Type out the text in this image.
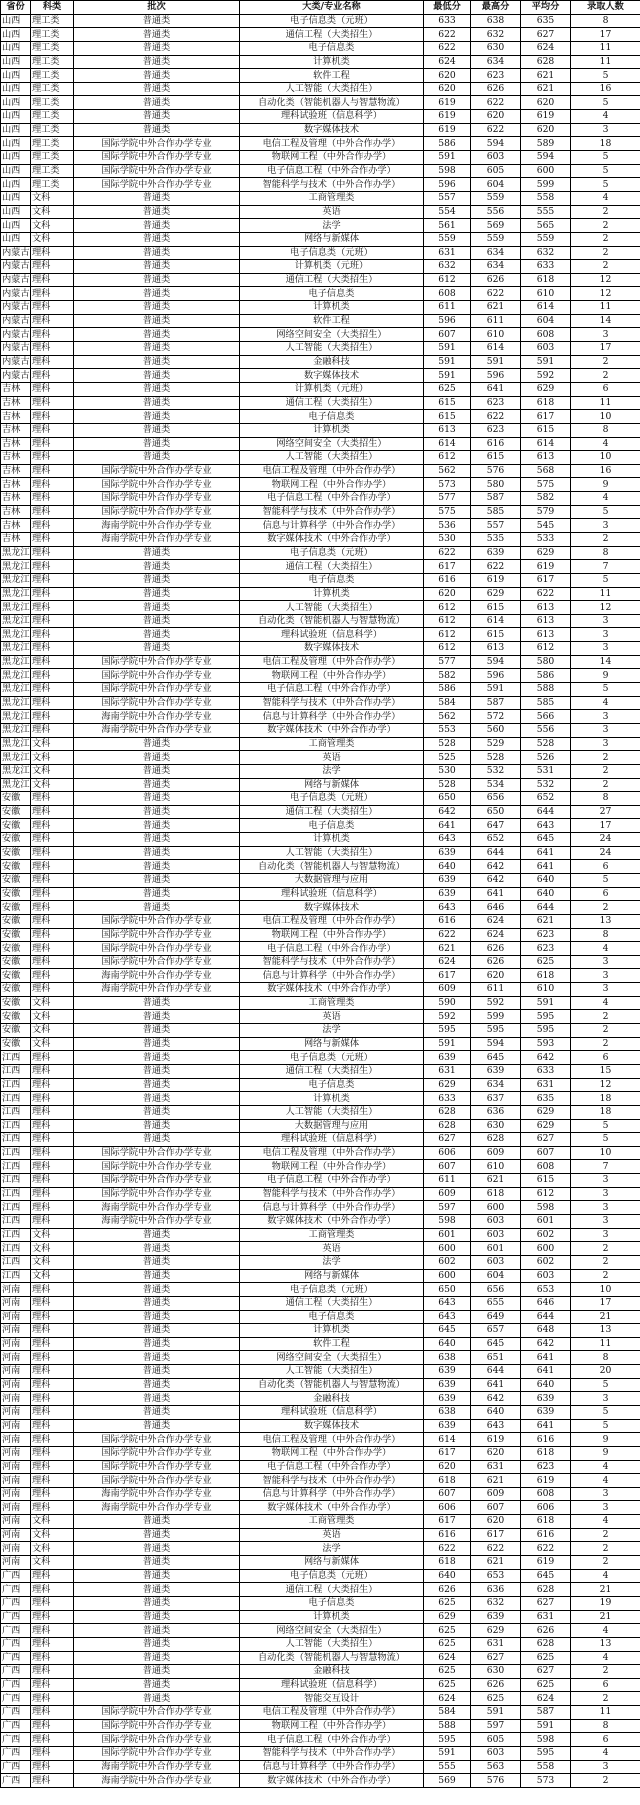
省份	科类	批次	大类/专业名称	最低分	最高分	平均分	录取人数
山西	理工类	普通类	电子信息类（元班）	633	638	635	8
山西	理工类	普通类	通信工程（大类招生）	622	632	627	17
山西	理工类	普通类	电子信息类	622	630	624	11
山西	理工类	普通类	计算机类	624	634	628	11
山西	理工类	普通类	软件工程	620	623	621	5
山西	理工类	普通类	人工智能（大类招生）	620	626	621	16
山西	理工类	普通类	自动化类（智能机器人与智慧物流）	619	622	620	5
山西	理工类	普通类	理科试验班（信息科学）	619	620	619	4
山西	理工类	普通类	数字媒体技术	619	622	620	3
山西	理工类	国际学院中外合作办学专业	电信工程及管理（中外合作办学）	586	594	589	18
山西	理工类	国际学院中外合作办学专业	物联网工程（中外合作办学）	591	603	594	5
山西	理工类	国际学院中外合作办学专业	电子信息工程（中外合作办学）	598	605	600	5
山西	理工类	国际学院中外合作办学专业	智能科学与技术（中外合作办学）	596	604	599	5
山西	文科	普通类	工商管理类	557	559	558	4
山西	文科	普通类	英语	554	556	555	2
山西	文科	普通类	法学	561	569	565	2
山西	文科	普通类	网络与新媒体	559	559	559	2
内蒙古	理科	普通类	电子信息类（元班）	631	634	632	2
内蒙古	理科	普通类	计算机类（元班）	632	634	633	2
内蒙古	理科	普通类	通信工程（大类招生）	612	626	618	12
内蒙古	理科	普通类	电子信息类	608	622	610	12
内蒙古	理科	普通类	计算机类	611	621	614	11
内蒙古	理科	普通类	软件工程	596	611	604	14
内蒙古	理科	普通类	网络空间安全（大类招生）	607	610	608	3
内蒙古	理科	普通类	人工智能（大类招生）	591	614	603	17
内蒙古	理科	普通类	金融科技	591	591	591	2
内蒙古	理科	普通类	数字媒体技术	591	596	592	2
吉林	理科	普通类	计算机类（元班）	625	641	629	6
吉林	理科	普通类	通信工程（大类招生）	615	623	618	11
吉林	理科	普通类	电子信息类	615	622	617	10
吉林	理科	普通类	计算机类	613	623	615	8
吉林	理科	普通类	网络空间安全（大类招生）	614	616	614	4
吉林	理科	普通类	人工智能（大类招生）	612	615	613	10
吉林	理科	国际学院中外合作办学专业	电信工程及管理（中外合作办学）	562	576	568	16
吉林	理科	国际学院中外合作办学专业	物联网工程（中外合作办学）	573	580	575	9
吉林	理科	国际学院中外合作办学专业	电子信息工程（中外合作办学）	577	587	582	4
吉林	理科	国际学院中外合作办学专业	智能科学与技术（中外合作办学）	575	585	579	5
吉林	理科	海南学院中外合作办学专业	信息与计算科学（中外合作办学）	536	557	545	3
吉林	理科	海南学院中外合作办学专业	数字媒体技术（中外合作办学）	530	535	533	2
黑龙江	理科	普通类	电子信息类（元班）	622	639	629	8
黑龙江	理科	普通类	通信工程（大类招生）	617	622	619	7
黑龙江	理科	普通类	电子信息类	616	619	617	5
黑龙江	理科	普通类	计算机类	620	629	622	11
黑龙江	理科	普通类	人工智能（大类招生）	612	615	613	12
黑龙江	理科	普通类	自动化类（智能机器人与智慧物流）	612	614	613	3
黑龙江	理科	普通类	理科试验班（信息科学）	612	615	613	3
黑龙江	理科	普通类	数字媒体技术	612	613	612	3
黑龙江	理科	国际学院中外合作办学专业	电信工程及管理（中外合作办学）	577	594	580	14
黑龙江	理科	国际学院中外合作办学专业	物联网工程（中外合作办学）	582	596	586	9
黑龙江	理科	国际学院中外合作办学专业	电子信息工程（中外合作办学）	586	591	588	5
黑龙江	理科	国际学院中外合作办学专业	智能科学与技术（中外合作办学）	584	587	585	4
黑龙江	理科	海南学院中外合作办学专业	信息与计算科学（中外合作办学）	562	572	566	3
黑龙江	理科	海南学院中外合作办学专业	数字媒体技术（中外合作办学）	553	560	556	3
黑龙江	文科	普通类	工商管理类	528	529	528	3
黑龙江	文科	普通类	英语	525	528	526	2
黑龙江	文科	普通类	法学	530	532	531	2
黑龙江	文科	普通类	网络与新媒体	528	534	532	2
安徽	理科	普通类	电子信息类（元班）	650	656	652	8
安徽	理科	普通类	通信工程（大类招生）	642	650	644	27
安徽	理科	普通类	电子信息类	641	647	643	17
安徽	理科	普通类	计算机类	643	652	645	24
安徽	理科	普通类	人工智能（大类招生）	639	644	641	24
安徽	理科	普通类	自动化类（智能机器人与智慧物流）	640	642	641	6
安徽	理科	普通类	大数据管理与应用	639	642	640	5
安徽	理科	普通类	理科试验班（信息科学）	639	641	640	6
安徽	理科	普通类	数字媒体技术	643	646	644	2
安徽	理科	国际学院中外合作办学专业	电信工程及管理（中外合作办学）	616	624	621	13
安徽	理科	国际学院中外合作办学专业	物联网工程（中外合作办学）	622	624	623	8
安徽	理科	国际学院中外合作办学专业	电子信息工程（中外合作办学）	621	626	623	4
安徽	理科	国际学院中外合作办学专业	智能科学与技术（中外合作办学）	624	626	625	3
安徽	理科	海南学院中外合作办学专业	信息与计算科学（中外合作办学）	617	620	618	3
安徽	理科	海南学院中外合作办学专业	数字媒体技术（中外合作办学）	609	611	610	3
安徽	文科	普通类	工商管理类	590	592	591	4
安徽	文科	普通类	英语	592	599	595	2
安徽	文科	普通类	法学	595	595	595	2
安徽	文科	普通类	网络与新媒体	591	594	593	2
江西	理科	普通类	电子信息类（元班）	639	645	642	6
江西	理科	普通类	通信工程（大类招生）	631	639	633	15
江西	理科	普通类	电子信息类	629	634	631	12
江西	理科	普通类	计算机类	633	637	635	18
江西	理科	普通类	人工智能（大类招生）	628	636	629	18
江西	理科	普通类	大数据管理与应用	628	630	629	5
江西	理科	普通类	理科试验班（信息科学）	627	628	627	5
江西	理科	国际学院中外合作办学专业	电信工程及管理（中外合作办学）	606	609	607	10
江西	理科	国际学院中外合作办学专业	物联网工程（中外合作办学）	607	610	608	7
江西	理科	国际学院中外合作办学专业	电子信息工程（中外合作办学）	611	621	615	3
江西	理科	国际学院中外合作办学专业	智能科学与技术（中外合作办学）	609	618	612	3
江西	理科	海南学院中外合作办学专业	信息与计算科学（中外合作办学）	597	600	598	3
江西	理科	海南学院中外合作办学专业	数字媒体技术（中外合作办学）	598	603	601	3
江西	文科	普通类	工商管理类	601	603	602	3
江西	文科	普通类	英语	600	601	600	2
江西	文科	普通类	法学	602	603	602	2
江西	文科	普通类	网络与新媒体	600	604	603	2
河南	理科	普通类	电子信息类（元班）	650	656	653	10
河南	理科	普通类	通信工程（大类招生）	643	655	646	17
河南	理科	普通类	电子信息类	643	649	644	21
河南	理科	普通类	计算机类	645	657	648	13
河南	理科	普通类	软件工程	640	645	642	11
河南	理科	普通类	网络空间安全（大类招生）	638	651	641	8
河南	理科	普通类	人工智能（大类招生）	639	644	641	20
河南	理科	普通类	自动化类（智能机器人与智慧物流）	639	641	640	5
河南	理科	普通类	金融科技	639	642	639	3
河南	理科	普通类	理科试验班（信息科学）	638	640	639	5
河南	理科	普通类	数字媒体技术	639	643	641	5
河南	理科	国际学院中外合作办学专业	电信工程及管理（中外合作办学）	614	619	616	9
河南	理科	国际学院中外合作办学专业	物联网工程（中外合作办学）	617	620	618	9
河南	理科	国际学院中外合作办学专业	电子信息工程（中外合作办学）	620	631	623	4
河南	理科	国际学院中外合作办学专业	智能科学与技术（中外合作办学）	618	621	619	4
河南	理科	海南学院中外合作办学专业	信息与计算科学（中外合作办学）	607	609	608	3
河南	理科	海南学院中外合作办学专业	数字媒体技术（中外合作办学）	606	607	606	3
河南	文科	普通类	工商管理类	617	620	618	4
河南	文科	普通类	英语	616	617	616	2
河南	文科	普通类	法学	622	622	622	2
河南	文科	普通类	网络与新媒体	618	621	619	2
广西	理科	普通类	电子信息类（元班）	640	653	645	4
广西	理科	普通类	通信工程（大类招生）	626	636	628	21
广西	理科	普通类	电子信息类	625	632	627	19
广西	理科	普通类	计算机类	629	639	631	21
广西	理科	普通类	网络空间安全（大类招生）	625	629	626	4
广西	理科	普通类	人工智能（大类招生）	625	631	628	13
广西	理科	普通类	自动化类（智能机器人与智慧物流）	624	627	625	4
广西	理科	普通类	金融科技	625	630	627	2
广西	理科	普通类	理科试验班（信息科学）	625	626	625	6
广西	理科	普通类	智能交互设计	624	625	624	2
广西	理科	国际学院中外合作办学专业	电信工程及管理（中外合作办学）	584	591	587	11
广西	理科	国际学院中外合作办学专业	物联网工程（中外合作办学）	588	597	591	8
广西	理科	国际学院中外合作办学专业	电子信息工程（中外合作办学）	595	605	598	6
广西	理科	国际学院中外合作办学专业	智能科学与技术（中外合作办学）	591	603	595	4
广西	理科	海南学院中外合作办学专业	信息与计算科学（中外合作办学）	555	563	558	3
广西	理科	海南学院中外合作办学专业	数字媒体技术（中外合作办学）	569	576	573	2
